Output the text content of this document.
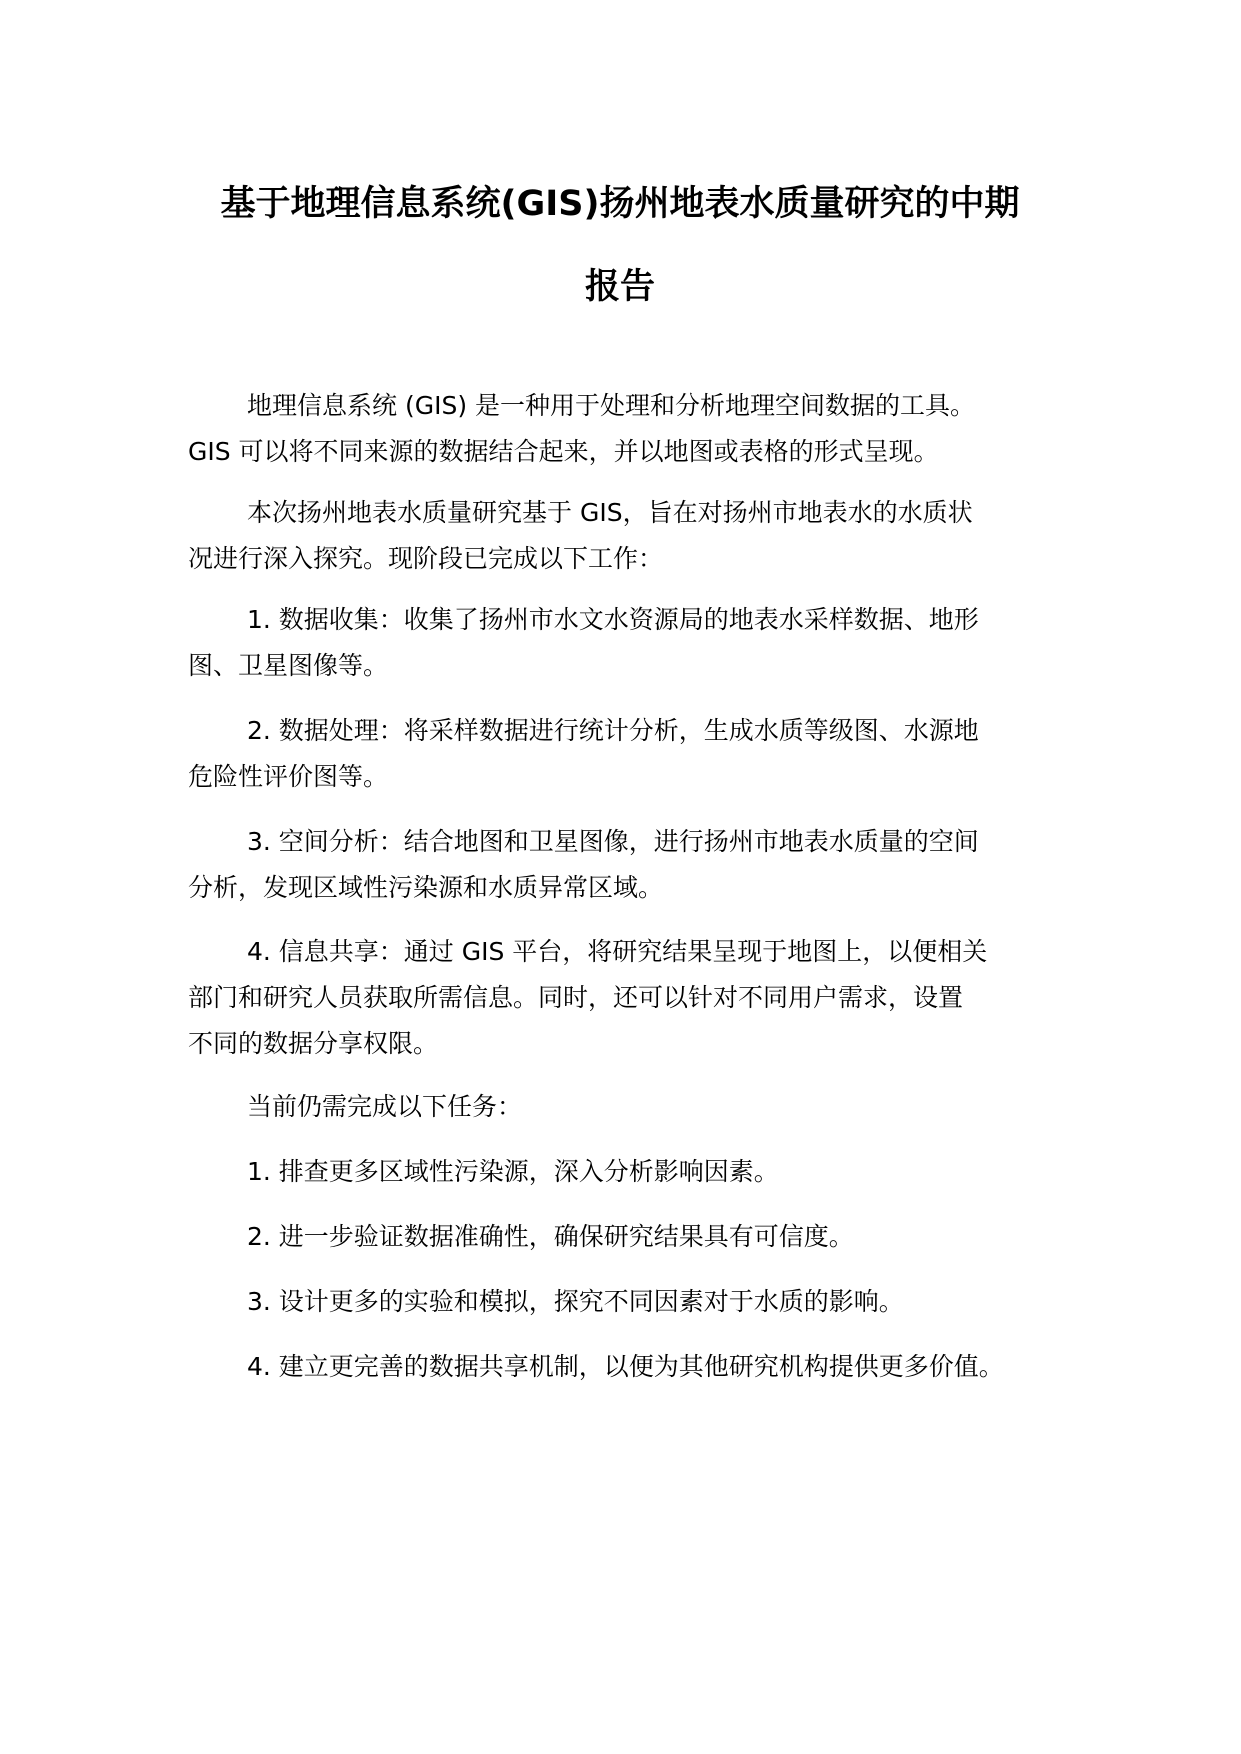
基于地理信息系统(GIS)扬州地表水质量研究的中期
报告

地理信息系统 (GIS) 是一种用于处理和分析地理空间数据的工具。

GIS 可以将不同来源的数据结合起来，并以地图或表格的形式呈现。

本次扬州地表水质量研究基于 GIS，旨在对扬州市地表水的水质状

况进行深入探究。现阶段已完成以下工作：

1. 数据收集：收集了扬州市水文水资源局的地表水采样数据、地形

图、卫星图像等。

2. 数据处理：将采样数据进行统计分析，生成水质等级图、水源地

危险性评价图等。

3. 空间分析：结合地图和卫星图像，进行扬州市地表水质量的空间

分析，发现区域性污染源和水质异常区域。

4. 信息共享：通过 GIS 平台，将研究结果呈现于地图上，以便相关

部门和研究人员获取所需信息。同时，还可以针对不同用户需求，设置

不同的数据分享权限。

当前仍需完成以下任务：

1. 排查更多区域性污染源，深入分析影响因素。

2. 进一步验证数据准确性，确保研究结果具有可信度。

3. 设计更多的实验和模拟，探究不同因素对于水质的影响。

4. 建立更完善的数据共享机制，以便为其他研究机构提供更多价值。
